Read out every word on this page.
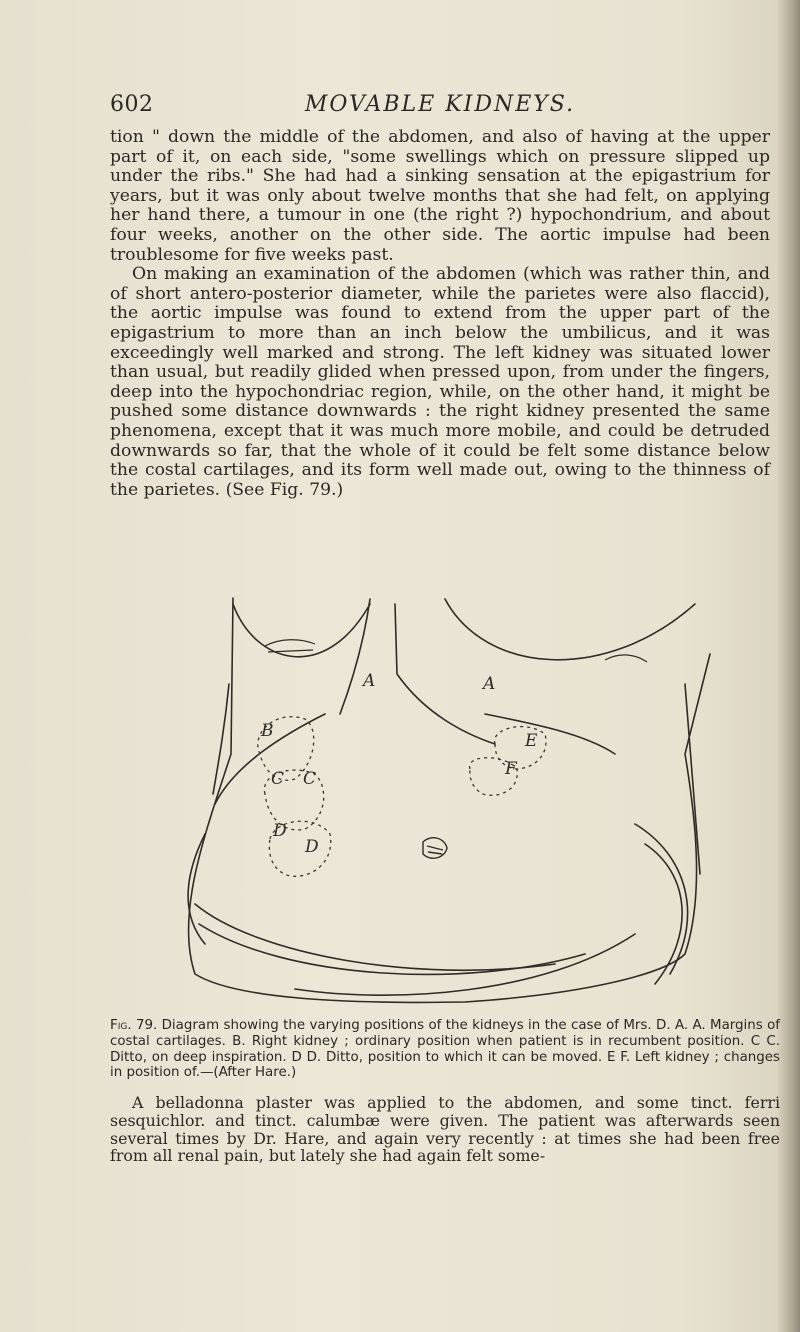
602	MOVABLE KIDNEYS.

tion " down the middle of the abdomen, and also of having at the upper part of it, on each side, "some swellings which on pressure slipped up under the ribs." She had had a sinking sensation at the epigastrium for years, but it was only about twelve months that she had felt, on applying her hand there, a tumour in one (the right ?) hypochondrium, and about four weeks, another on the other side. The aortic impulse had been troublesome for five weeks past.

On making an examination of the abdomen (which was rather thin, and of short antero-posterior diameter, while the parietes were also flaccid), the aortic impulse was found to extend from the upper part of the epigastrium to more than an inch below the umbilicus, and it was exceedingly well marked and strong. The left kidney was situated lower than usual, but readily glided when pressed upon, from under the fingers, deep into the hypochondriac region, while, on the other hand, it might be pushed some distance downwards : the right kidney presented the same phenomena, except that it was much more mobile, and could be detruded downwards so far, that the whole of it could be felt some distance below the costal cartilages, and its form well made out, owing to the thinness of the parietes. (See Fig. 79.)

A	A
B
C C
D
D
E
F
Fig. 79. Diagram showing the varying positions of the kidneys in the case of Mrs. D. A. A. Margins of costal cartilages. B. Right kidney ; ordinary position when patient is in recumbent position. C C. Ditto, on deep inspiration. D D. Ditto, position to which it can be moved. E F. Left kidney ; changes in position of.—(After Hare.)

A belladonna plaster was applied to the abdomen, and some tinct. ferri sesquichlor. and tinct. calumbæ were given. The patient was afterwards seen several times by Dr. Hare, and again very recently : at times she had been free from all renal pain, but lately she had again felt some-
